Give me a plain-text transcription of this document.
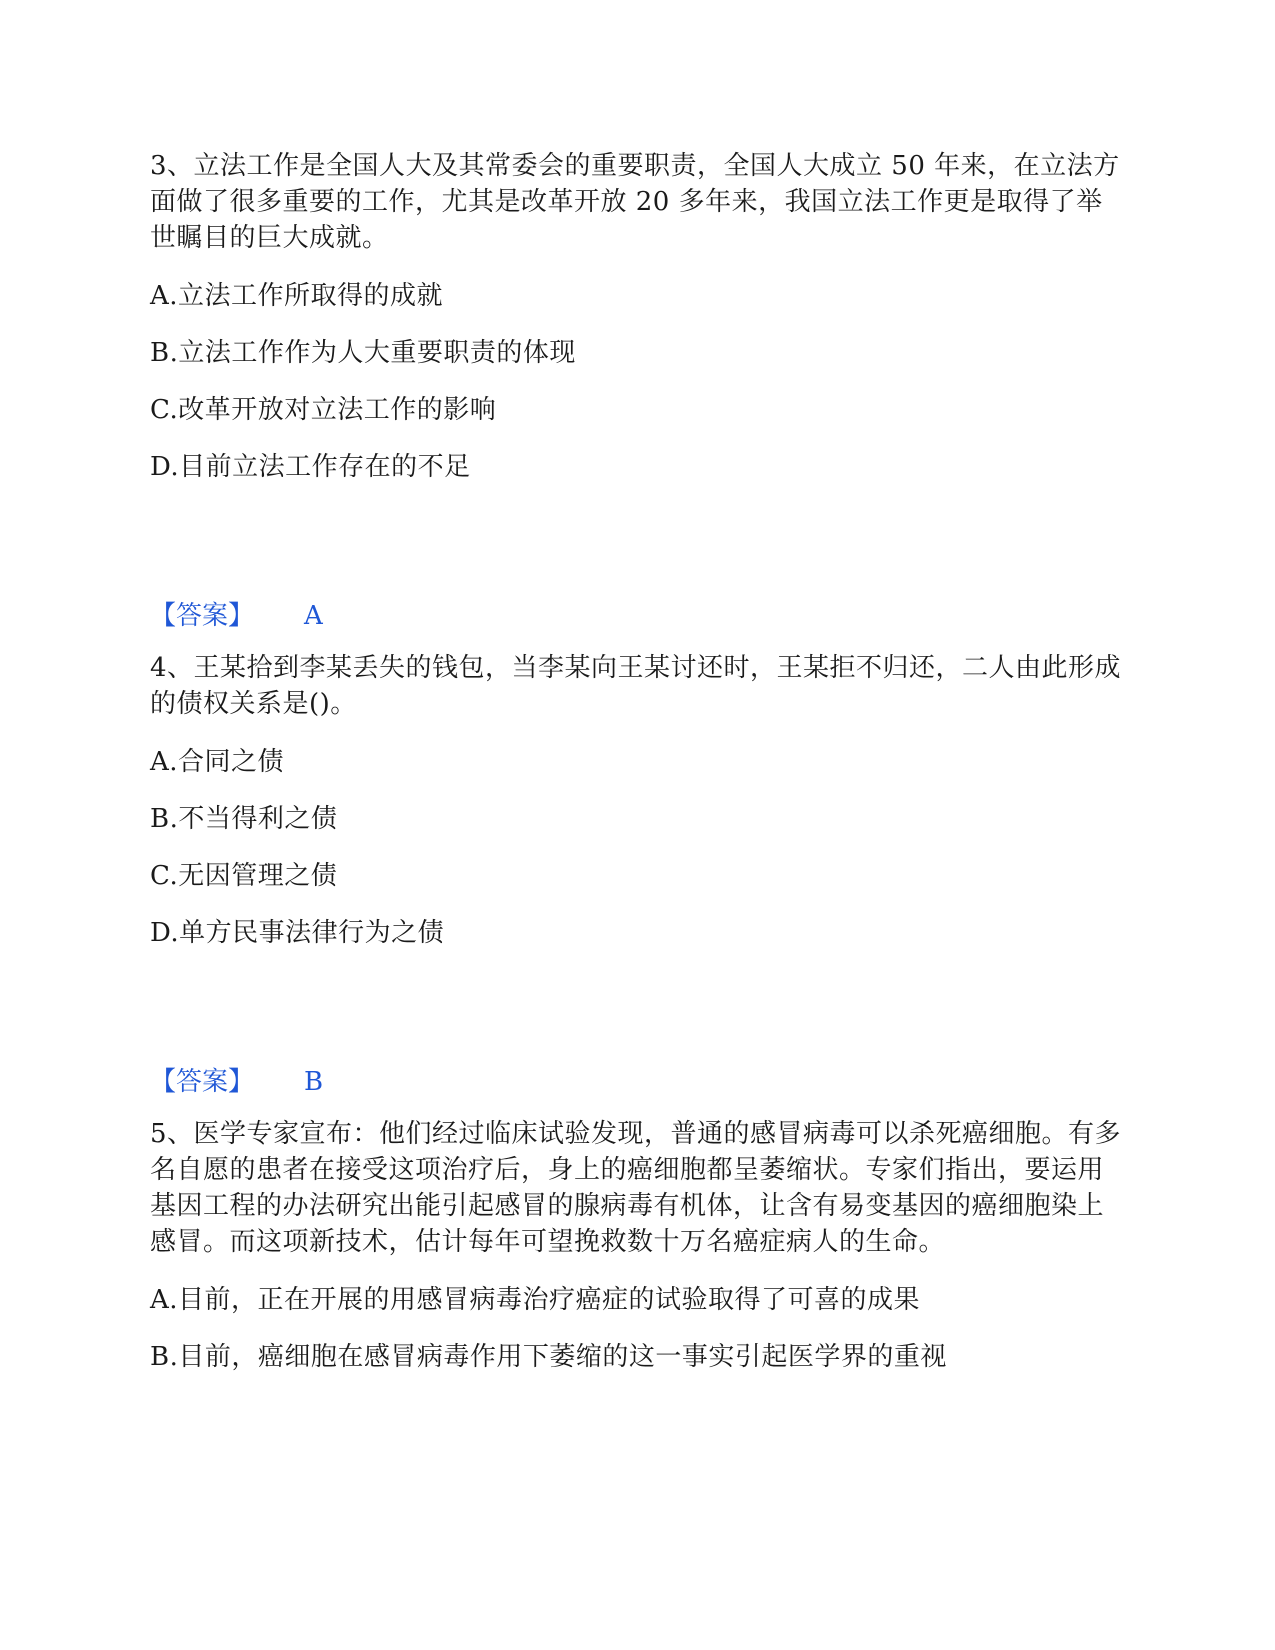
3、立法工作是全国人大及其常委会的重要职责，全国人大成立 50 年来，在立法方面做了很多重要的工作，尤其是改革开放 20 多年来，我国立法工作更是取得了举世瞩目的巨大成就。

A.立法工作所取得的成就
B.立法工作作为人大重要职责的体现
C.改革开放对立法工作的影响
D.目前立法工作存在的不足
【答案】 A

4、王某拾到李某丢失的钱包，当李某向王某讨还时，王某拒不归还，二人由此形成的债权关系是()。

A.合同之债
B.不当得利之债
C.无因管理之债
D.单方民事法律行为之债
【答案】 B

5、医学专家宣布：他们经过临床试验发现，普通的感冒病毒可以杀死癌细胞。有多名自愿的患者在接受这项治疗后，身上的癌细胞都呈萎缩状。专家们指出，要运用基因工程的办法研究出能引起感冒的腺病毒有机体，让含有易变基因的癌细胞染上感冒。而这项新技术，估计每年可望挽救数十万名癌症病人的生命。

A.目前，正在开展的用感冒病毒治疗癌症的试验取得了可喜的成果
B.目前，癌细胞在感冒病毒作用下萎缩的这一事实引起医学界的重视
